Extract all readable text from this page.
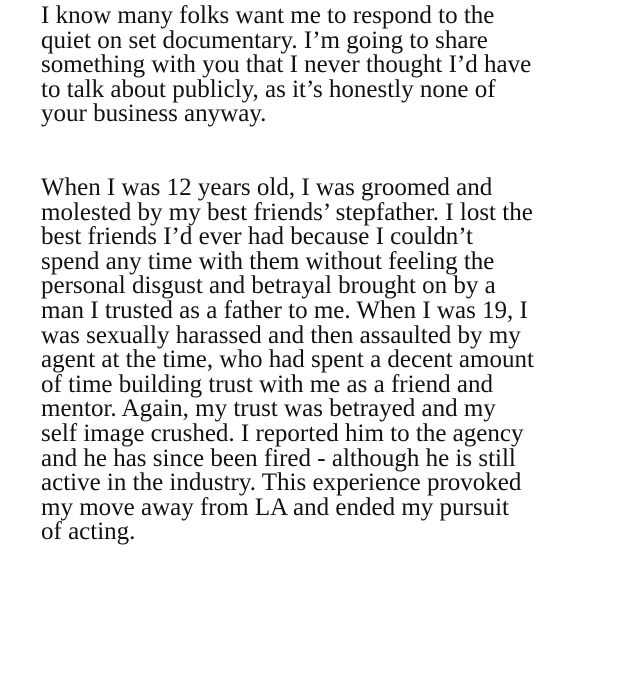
I know many folks want me to respond to the
quiet on set documentary. I’m going to share
something with you that I never thought I’d have
to talk about publicly, as it’s honestly none of
your business anyway.
When I was 12 years old, I was groomed and
molested by my best friends’ stepfather. I lost the
best friends I’d ever had because I couldn’t
spend any time with them without feeling the
personal disgust and betrayal brought on by a
man I trusted as a father to me. When I was 19, I
was sexually harassed and then assaulted by my
agent at the time, who had spent a decent amount
of time building trust with me as a friend and
mentor. Again, my trust was betrayed and my
self image crushed. I reported him to the agency
and he has since been fired - although he is still
active in the industry. This experience provoked
my move away from LA and ended my pursuit
of acting.
